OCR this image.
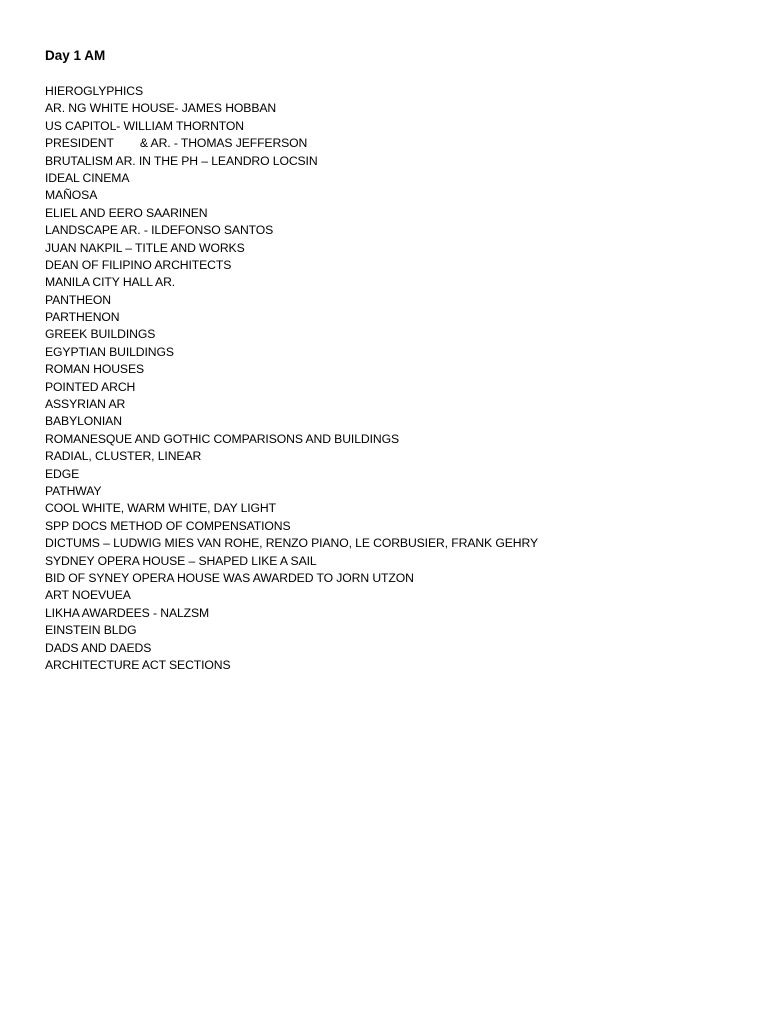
Day 1 AM
HIEROGLYPHICS
AR. NG WHITE HOUSE- JAMES HOBBAN
US CAPITOL- WILLIAM THORNTON
PRESIDENT        & AR. - THOMAS JEFFERSON
BRUTALISM AR. IN THE PH – LEANDRO LOCSIN
IDEAL CINEMA
MAÑOSA
ELIEL AND EERO SAARINEN
LANDSCAPE AR. - ILDEFONSO SANTOS
JUAN NAKPIL – TITLE AND WORKS
DEAN OF FILIPINO ARCHITECTS
MANILA CITY HALL AR.
PANTHEON
PARTHENON
GREEK BUILDINGS
EGYPTIAN BUILDINGS
ROMAN HOUSES
POINTED ARCH
ASSYRIAN AR
BABYLONIAN
ROMANESQUE AND GOTHIC COMPARISONS AND BUILDINGS
RADIAL, CLUSTER, LINEAR
EDGE
PATHWAY
COOL WHITE, WARM WHITE, DAY LIGHT
SPP DOCS METHOD OF COMPENSATIONS
DICTUMS – LUDWIG MIES VAN ROHE, RENZO PIANO, LE CORBUSIER, FRANK GEHRY
SYDNEY OPERA HOUSE – SHAPED LIKE A SAIL
BID OF SYNEY OPERA HOUSE WAS AWARDED TO JORN UTZON
ART NOEVUEA
LIKHA AWARDEES - NALZSM
EINSTEIN BLDG
DADS AND DAEDS
ARCHITECTURE ACT SECTIONS
